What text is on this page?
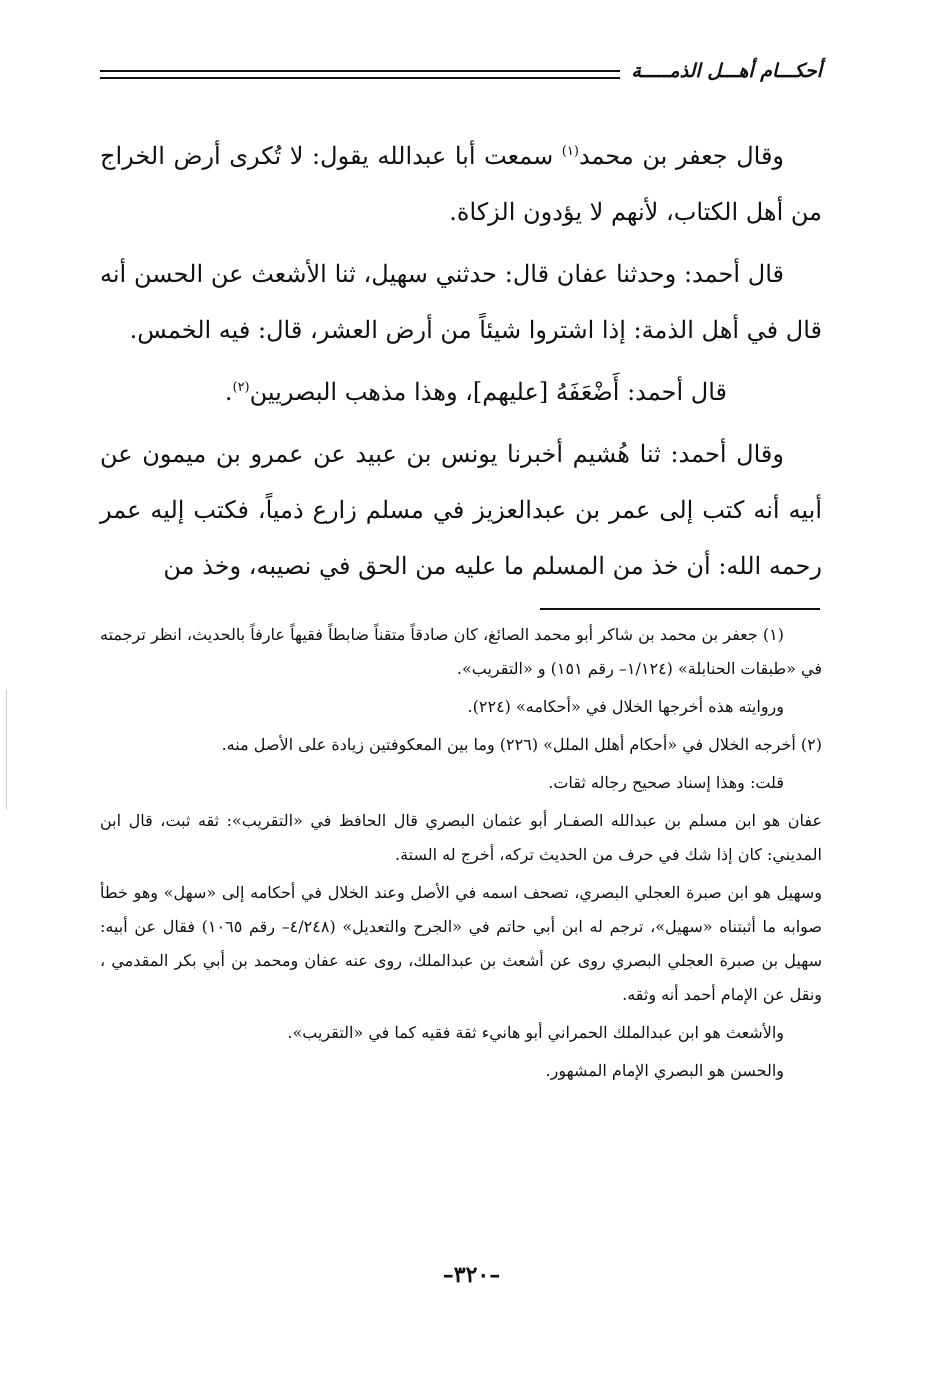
أحكـــام أهـــل الذمـــــة

وقال جعفر بن محمد$^{(١)}$ سمعت أبا عبدالله يقول: لا تُكرى أرض الخراج من أهل الكتاب، لأنهم لا يؤدون الزكاة.

قال أحمد: وحدثنا عفان قال: حدثني سهيل، ثنا الأشعث عن الحسن أنه قال في أهل الذمة: إذا اشتروا شيئاً من أرض العشر، قال: فيه الخمس.

قال أحمد: أَضْعَفَهُ [عليهم]، وهذا مذهب البصريين$^{(٢)}$.

وقال أحمد: ثنا هُشيم أخبرنا يونس بن عبيد عن عمرو بن ميمون عن أبيه أنه كتب إلى عمر بن عبدالعزيز في مسلم زارع ذمياً، فكتب إليه عمر رحمه الله: أن خذ من المسلم ما عليه من الحق في نصيبه، وخذ من

(١) جعفر بن محمد بن شاكر أبو محمد الصائغ، كان صادقاً متقناً ضابطاً فقيهاً عارفاً بالحديث، انظر ترجمته في «طبقات الحنابلة» (١/١٢٤– رقم ١٥١) و «التقريب».

وروايته هذه أخرجها الخلال في «أحكامه» (٢٢٤).

(٢) أخرجه الخلال في «أحكام أهلل الملل» (٢٢٦) وما بين المعكوفتين زيادة على الأصل منه.

قلت: وهذا إسناد صحيح رجاله ثقات.

عفان هو ابن مسلم بن عبدالله الصفـار أبو عثمان البصري قال الحافظ في «التقريب»: ثقه ثبت، قال ابن المديني: كان إذا شك في حرف من الحديث تركه، أخرج له الستة.

وسهيل هو ابن صبرة العجلي البصري، تصحف اسمه في الأصل وعند الخلال في أحكامه إلى «سهل» وهو خطأ صوابه ما أثبتناه «سهيل»، ترجم له ابن أبي حاتم في «الجرح والتعديل» (٤/٢٤٨– رقم ١٠٦٥) فقال عن أبيه: سهيل بن صبرة العجلي البصري روى عن أشعث بن عبدالملك، روى عنه عفان ومحمد بن أبي بكر المقدمي ، ونقل عن الإمام أحمد أنه وثقه.

والأشعث هو ابن عبدالملك الحمراني أبو هانيء ثقة فقيه كما في «التقريب».

والحسن هو البصري الإمام المشهور.

–٣٢٠–
